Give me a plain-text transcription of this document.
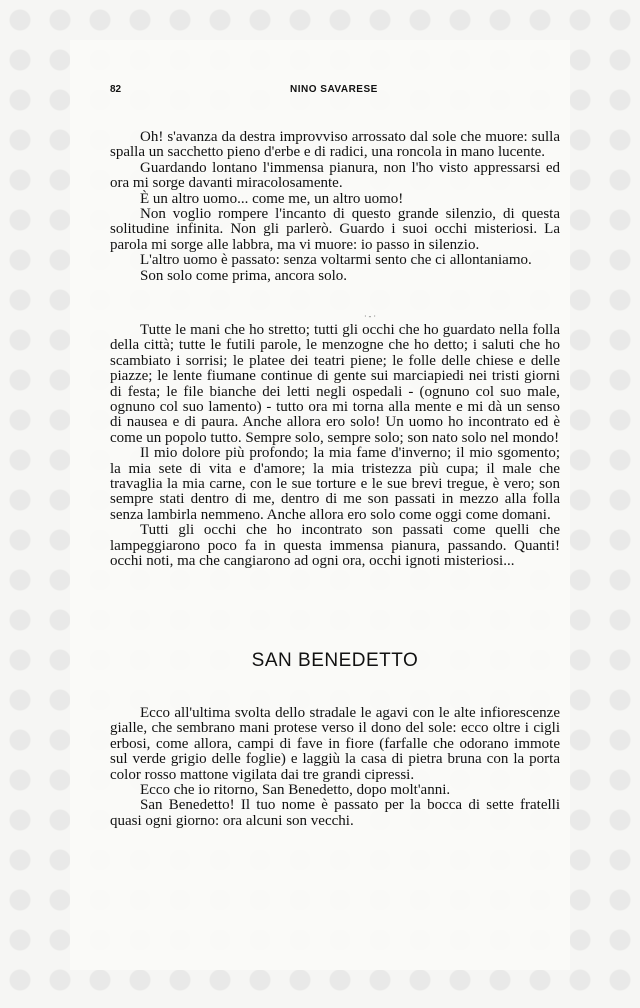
82	NINO SAVARESE

Oh! s'avanza da destra improvviso arrossato dal sole che muore: sulla spalla un sacchetto pieno d'erbe e di radici, una roncola in mano lucente.

Guardando lontano l'immensa pianura, non l'ho visto appressarsi ed ora mi sorge davanti miracolosamente.

È un altro uomo... come me, un altro uomo!

Non voglio rompere l'incanto di questo grande silenzio, di questa solitudine infinita. Non gli parlerò. Guardo i suoi occhi misteriosi. La parola mi sorge alle labbra, ma vi muore: io passo in silenzio.

L'altro uomo è passato: senza voltarmi sento che ci allontaniamo.

Son solo come prima, ancora solo.

· - ·

Tutte le mani che ho stretto; tutti gli occhi che ho guardato nella folla della città; tutte le futili parole, le menzogne che ho detto; i saluti che ho scambiato i sorrisi; le platee dei teatri piene; le folle delle chiese e delle piazze; le lente fiumane continue di gente sui marciapiedi nei tristi giorni di festa; le file bianche dei letti negli ospedali - (ognuno col suo male, ognuno col suo lamento) - tutto ora mi torna alla mente e mi dà un senso di nausea e di paura. Anche allora ero solo! Un uomo ho incontrato ed è come un popolo tutto. Sempre solo, sempre solo; son nato solo nel mondo!

Il mio dolore più profondo; la mia fame d'inverno; il mio sgomento; la mia sete di vita e d'amore; la mia tristezza più cupa; il male che travaglia la mia carne, con le sue torture e le sue brevi tregue, è vero; son sempre stati dentro di me, dentro di me son passati in mezzo alla folla senza lambirla nemmeno. Anche allora ero solo come oggi come domani.

Tutti gli occhi che ho incontrato son passati come quelli che lampeggiarono poco fa in questa immensa pianura, passando. Quanti! occhi noti, ma che cangiarono ad ogni ora, occhi ignoti misteriosi...

SAN BENEDETTO

Ecco all'ultima svolta dello stradale le agavi con le alte infiorescenze gialle, che sembrano mani protese verso il dono del sole: ecco oltre i cigli erbosi, come allora, campi di fave in fiore (farfalle che odorano immote sul verde grigio delle foglie) e laggiù la casa di pietra bruna con la porta color rosso mattone vigilata dai tre grandi cipressi.

Ecco che io ritorno, San Benedetto, dopo molt'anni.

San Benedetto! Il tuo nome è passato per la bocca di sette fratelli quasi ogni giorno: ora alcuni son vecchi.
